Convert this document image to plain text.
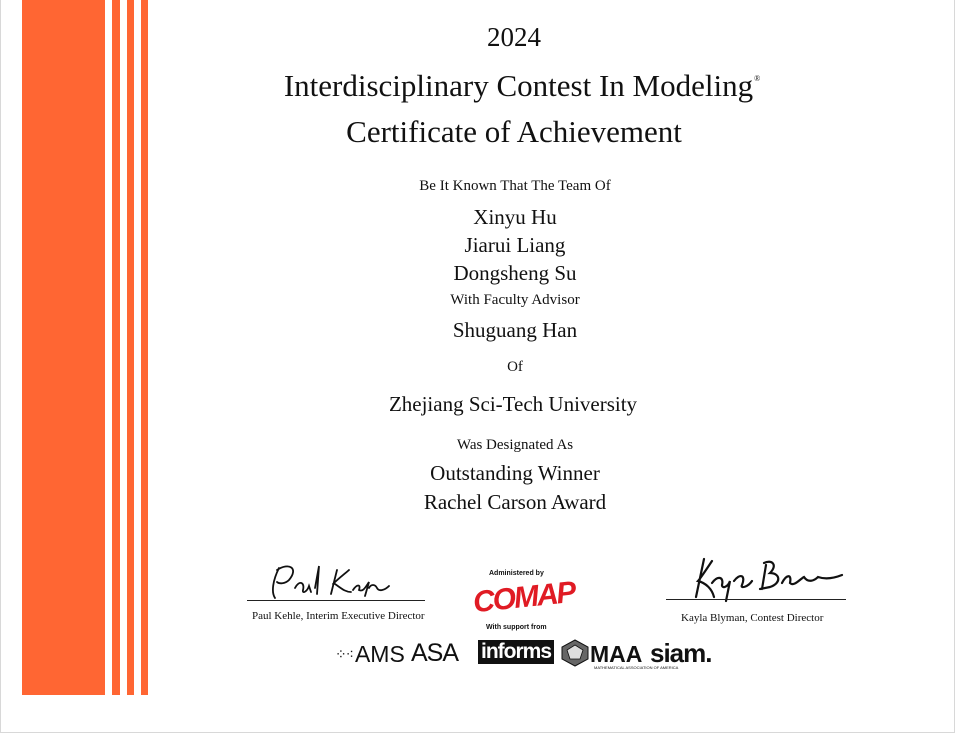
2024
Interdisciplinary Contest In Modeling®
Certificate of Achievement
Be It Known That The Team Of
Xinyu Hu
Jiarui Liang
Dongsheng Su
With Faculty Advisor
Shuguang Han
Of
Zhejiang Sci-Tech University
Was Designated As
Outstanding Winner
Rachel Carson Award
Paul Kehle, Interim Executive Director	Kayla Blyman, Contest Director
Administered by
COMAP
With support from
⁘⁖AMS ASA informs	MAA
MATHEMATICAL ASSOCIATION OF AMERICA
siam.
